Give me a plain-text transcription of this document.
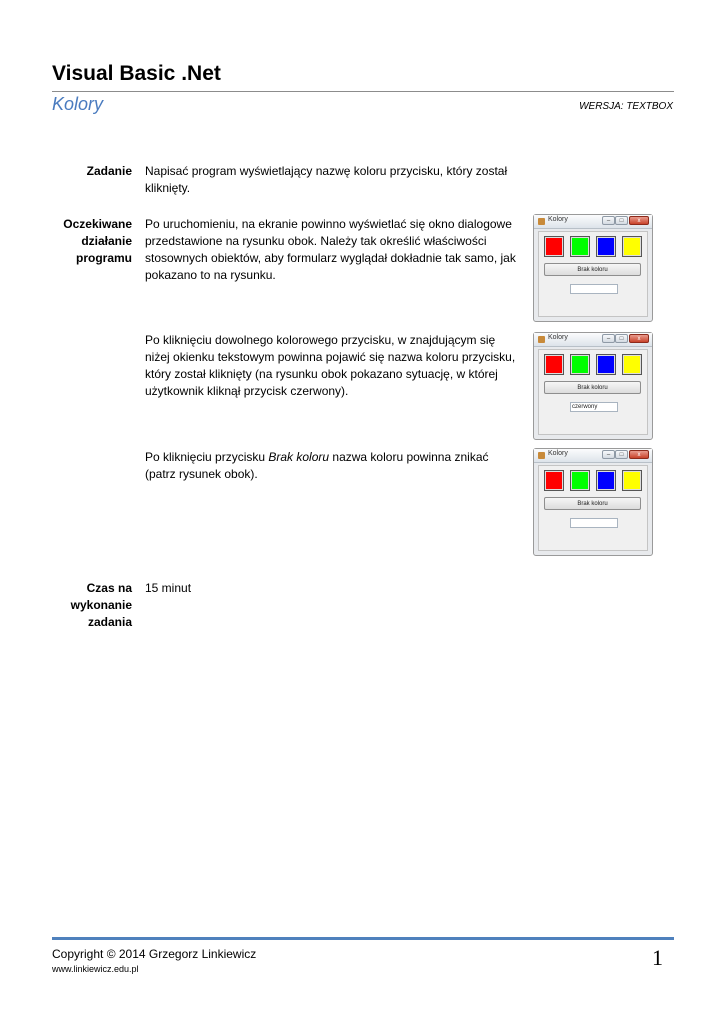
Visual Basic .Net
Kolory	WERSJA: TEXTBOX
Zadanie Napisać program wyświetlający nazwę koloru przycisku, który został kliknięty.
Oczekiwane
działanie
programu
Po uruchomieniu, na ekranie powinno wyświetlać się okno dialogowe przedstawione na rysunku obok. Należy tak określić właściwości stosownych obiektów, aby formularz wyglądał dokładnie tak samo, jak pokazano to na rysunku.
Po kliknięciu dowolnego kolorowego przycisku, w znajdującym się niżej okienku tekstowym powinna pojawić się nazwa koloru przycisku, który został kliknięty (na rysunku obok pokazano sytuację, w której użytkownik kliknął przycisk czerwony).
Po kliknięciu przycisku Brak koloru nazwa koloru powinna znikać (patrz rysunek obok).
Kolory	–	□	x
Brak koloru
Kolory	–	□	x
Brak koloru
czerwony
Kolory	–	□	x
Brak koloru
Czas na
wykonanie
zadania
15 minut
Copyright © 2014 Grzegorz Linkiewicz
www.linkiewicz.edu.pl	1
